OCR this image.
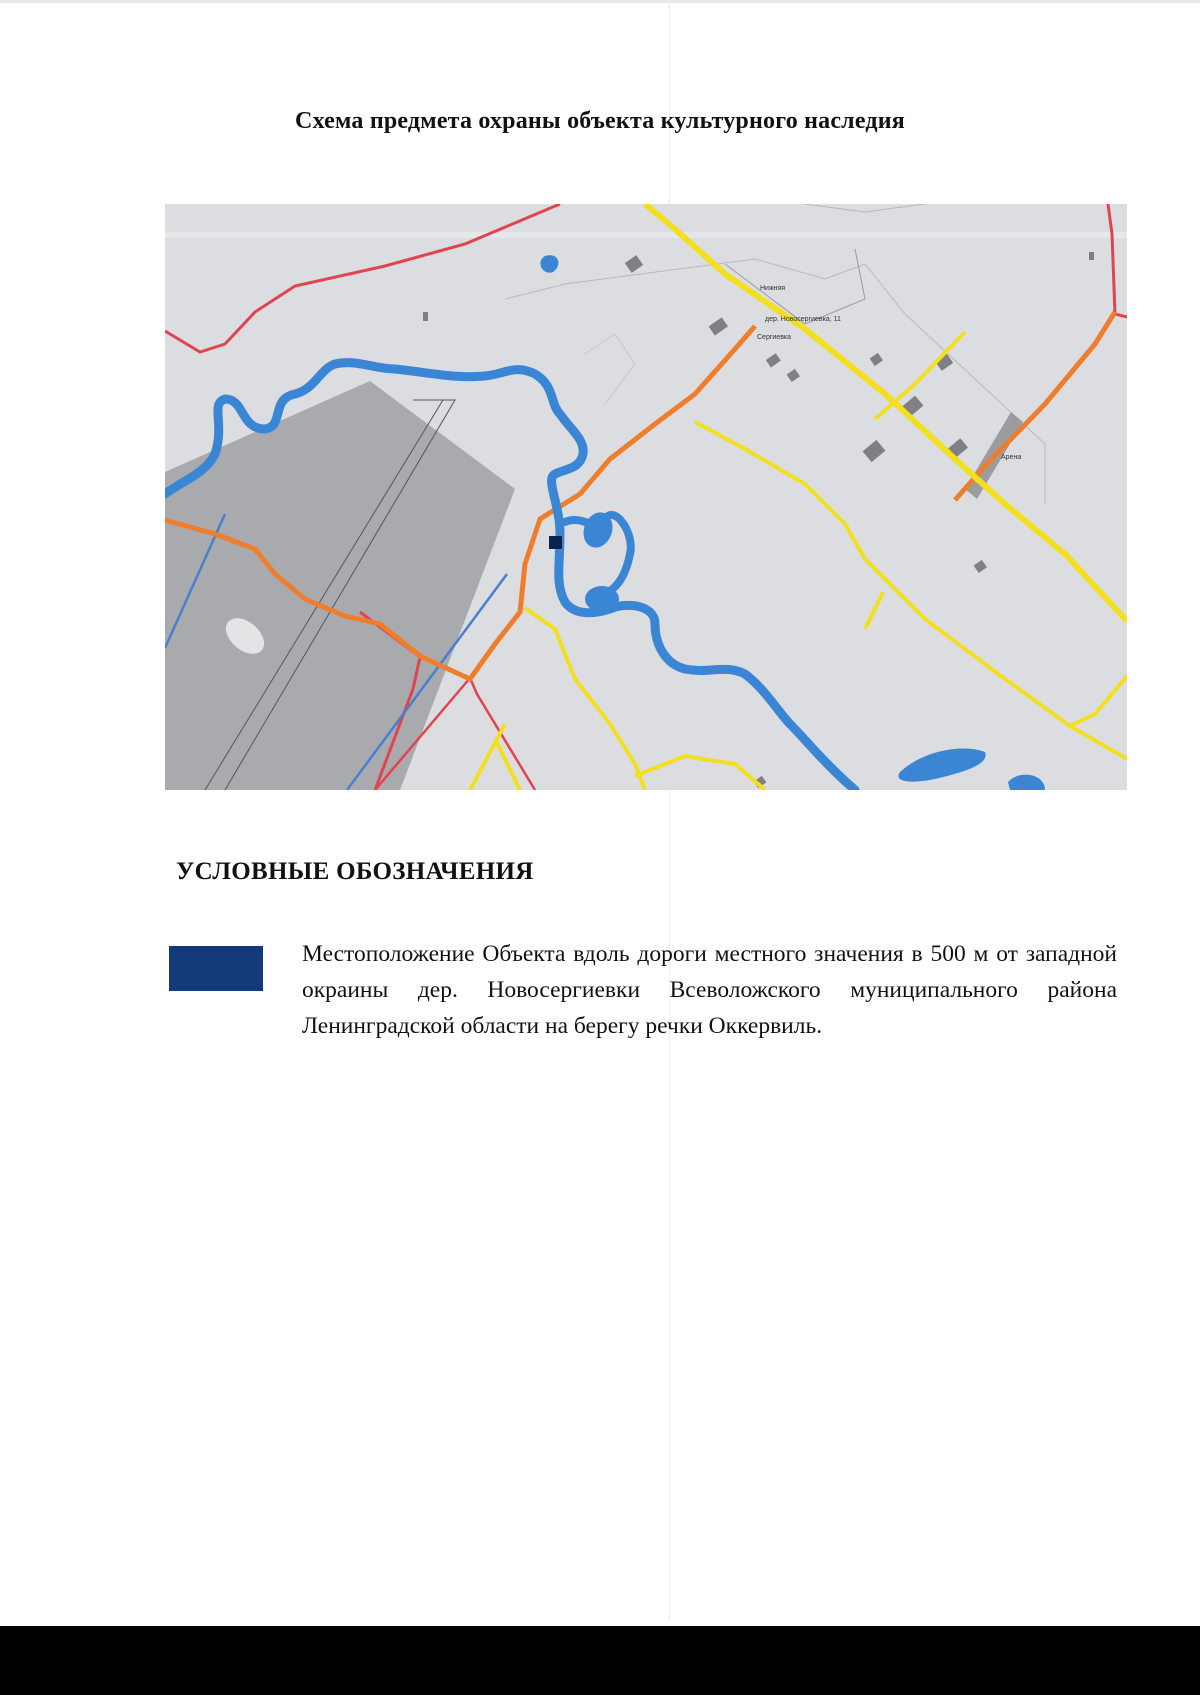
Схема предмета охраны объекта культурного наследия
Нижняя
дер. Новосергиевка, 11
Сергиевка
Арена
УСЛОВНЫЕ ОБОЗНАЧЕНИЯ
Местоположение Объекта вдоль дороги местного значения в 500 м от западной окраины дер. Новосергиевки Всеволожского муниципального района Ленинградской области на берегу речки Оккервиль.
